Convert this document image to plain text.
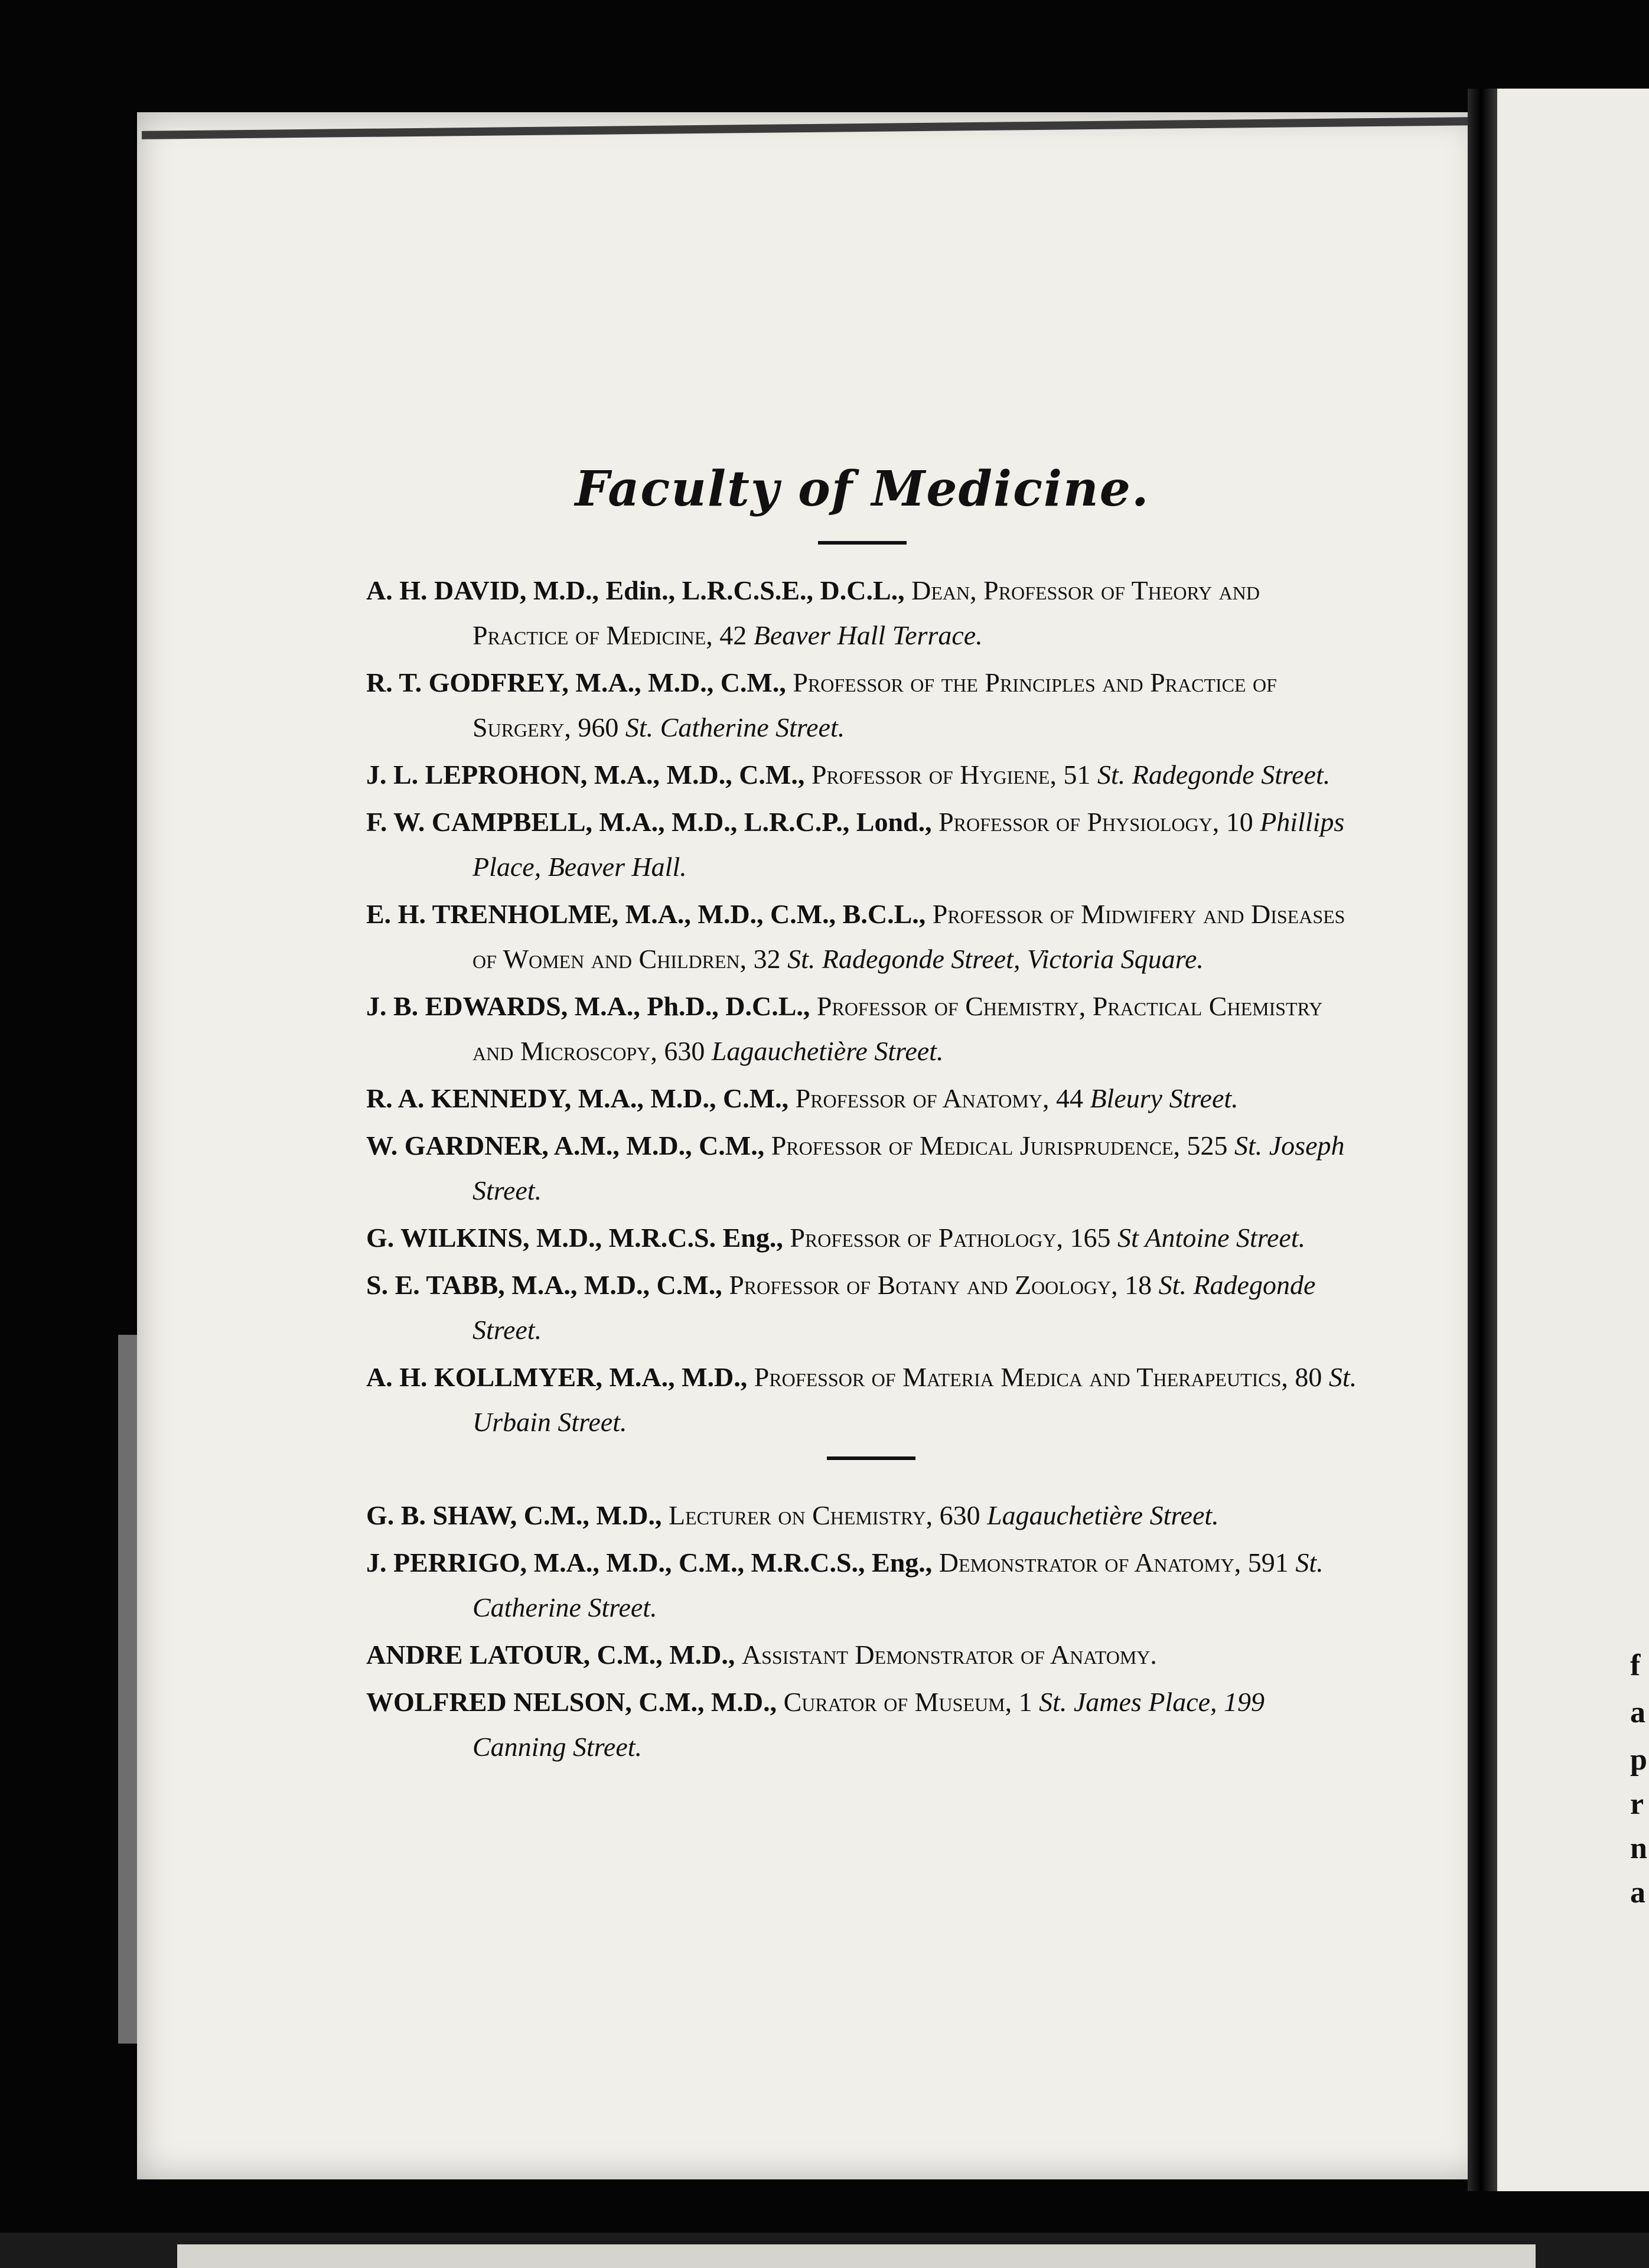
f
a
p
r
n
a
Faculty of Medicine.
A. H. DAVID, M.D., Edin., L.R.C.S.E., D.C.L., Dean, Professor of Theory and Practice of Medicine, 42 Beaver Hall Terrace.
R. T. GODFREY, M.A., M.D., C.M., Professor of the Principles and Practice of Surgery, 960 St. Catherine Street.
J. L. LEPROHON, M.A., M.D., C.M., Professor of Hygiene, 51 St. Radegonde Street.
F. W. CAMPBELL, M.A., M.D., L.R.C.P., Lond., Professor of Physiology, 10 Phillips Place, Beaver Hall.
E. H. TRENHOLME, M.A., M.D., C.M., B.C.L., Professor of Midwifery and Diseases of Women and Children, 32 St. Radegonde Street, Victoria Square.
J. B. EDWARDS, M.A., Ph.D., D.C.L., Professor of Chemistry, Practical Chemistry and Microscopy, 630 Lagauchetière Street.
R. A. KENNEDY, M.A., M.D., C.M., Professor of Anatomy, 44 Bleury Street.
W. GARDNER, A.M., M.D., C.M., Professor of Medical Jurisprudence, 525 St. Joseph Street.
G. WILKINS, M.D., M.R.C.S. Eng., Professor of Pathology, 165 St Antoine Street.
S. E. TABB, M.A., M.D., C.M., Professor of Botany and Zoology, 18 St. Radegonde Street.
A. H. KOLLMYER, M.A., M.D., Professor of Materia Medica and Therapeutics, 80 St. Urbain Street.
G. B. SHAW, C.M., M.D., Lecturer on Chemistry, 630 Lagauchetière Street.
J. PERRIGO, M.A., M.D., C.M., M.R.C.S., Eng., Demonstrator of Anatomy, 591 St. Catherine Street.
ANDRE LATOUR, C.M., M.D., Assistant Demonstrator of Anatomy.
WOLFRED NELSON, C.M., M.D., Curator of Museum, 1 St. James Place, 199 Canning Street.
